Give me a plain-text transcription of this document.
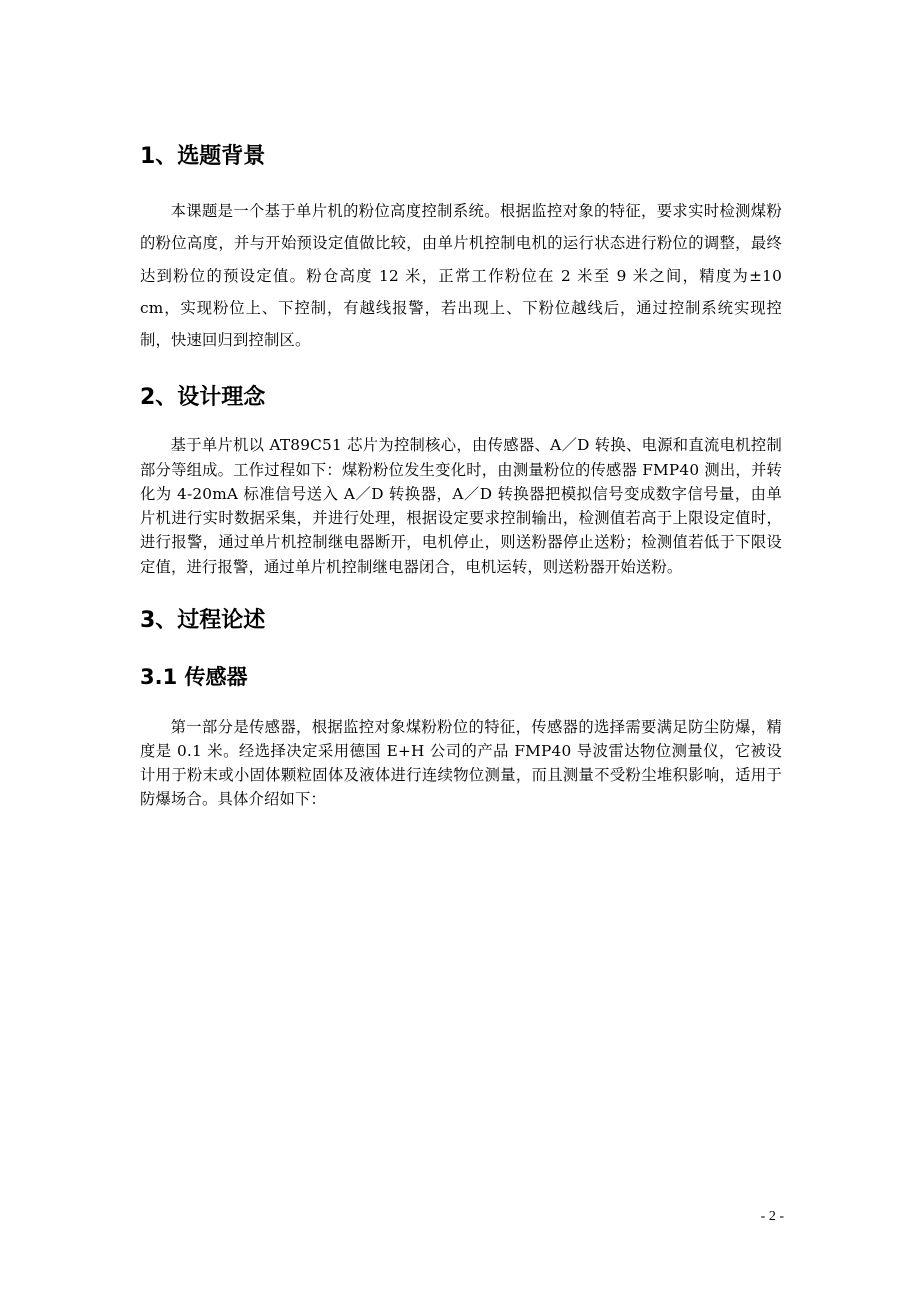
1、选题背景

本课题是一个基于单片机的粉位高度控制系统。根据监控对象的特征，要求实时检测煤粉的粉位高度，并与开始预设定值做比较，由单片机控制电机的运行状态进行粉位的调整，最终达到粉位的预设定值。粉仓高度 12 米，正常工作粉位在 2 米至 9 米之间，精度为±10 cm，实现粉位上、下控制，有越线报警，若出现上、下粉位越线后，通过控制系统实现控制，快速回归到控制区。

2、设计理念

基于单片机以 AT89C51 芯片为控制核心，由传感器、A／D 转换、电源和直流电机控制部分等组成。工作过程如下：煤粉粉位发生变化时，由测量粉位的传感器 FMP40 测出，并转化为 4-20mA 标准信号送入 A／D 转换器，A／D 转换器把模拟信号变成数字信号量，由单片机进行实时数据采集，并进行处理，根据设定要求控制输出，检测值若高于上限设定值时，进行报警，通过单片机控制继电器断开，电机停止，则送粉器停止送粉；检测值若低于下限设定值，进行报警，通过单片机控制继电器闭合，电机运转，则送粉器开始送粉。

3、过程论述
3.1 传感器

第一部分是传感器，根据监控对象煤粉粉位的特征，传感器的选择需要满足防尘防爆，精度是 0.1 米。经选择决定采用德国 E+H 公司的产品 FMP40 导波雷达物位测量仪，它被设计用于粉末或小固体颗粒固体及液体进行连续物位测量，而且测量不受粉尘堆积影响，适用于防爆场合。具体介绍如下：

- 2 -
